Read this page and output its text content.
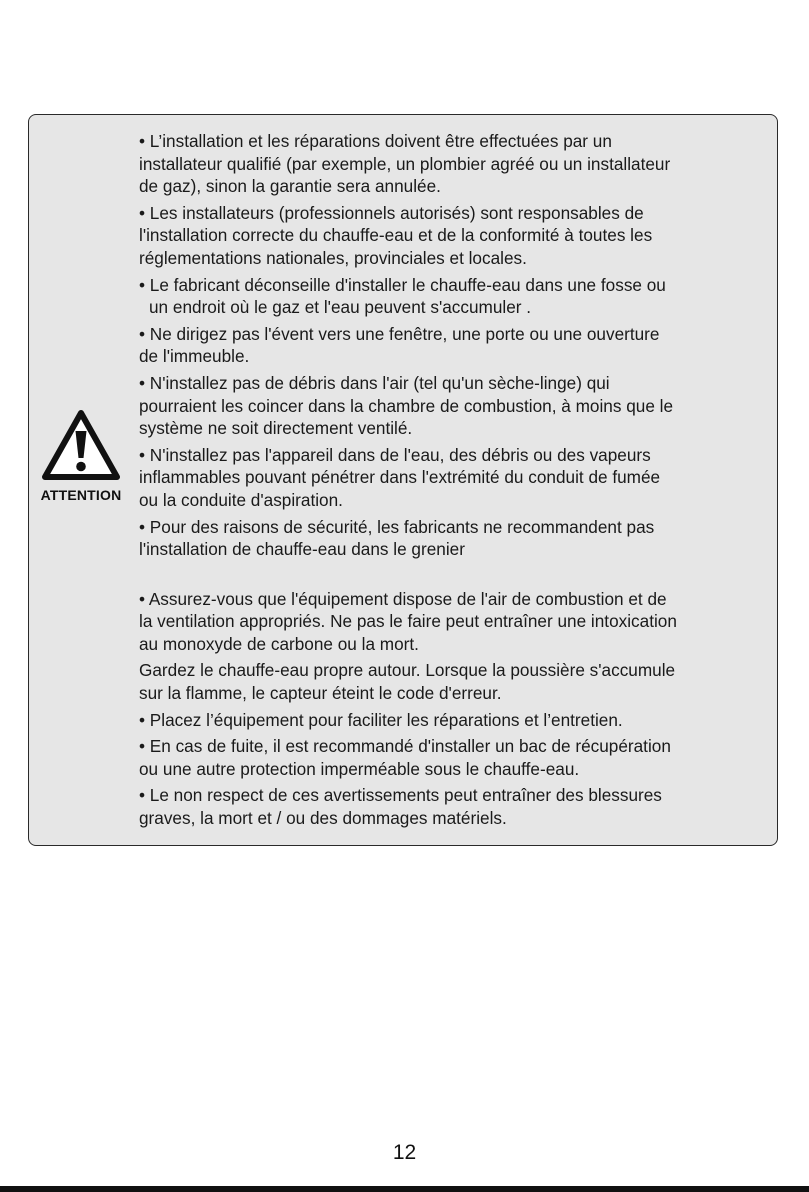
ATTENTION

• L’installation et les réparations doivent être effectuées par un
installateur qualifié (par exemple, un plombier agréé ou un installateur
de gaz), sinon la garantie sera annulée.

• Les installateurs (professionnels autorisés) sont responsables de
l'installation correcte du chauffe-eau et de la conformité à toutes les
réglementations nationales, provinciales et locales.

• Le fabricant déconseille d'installer le chauffe-eau dans une fosse ou
un endroit où le gaz et l'eau peuvent s'accumuler .

• Ne dirigez pas l'évent vers une fenêtre, une porte ou une ouverture
de l'immeuble.

• N'installez pas de débris dans l'air (tel qu'un sèche-linge) qui
pourraient les coincer dans la chambre de combustion, à moins que le
système ne soit directement ventilé.

• N'installez pas l'appareil dans de l'eau, des débris ou des vapeurs
inflammables pouvant pénétrer dans l'extrémité du conduit de fumée
ou la conduite d'aspiration.

• Pour des raisons de sécurité, les fabricants ne recommandent pas
l'installation de chauffe-eau dans le grenier

• Assurez-vous que l'équipement dispose de l'air de combustion et de
la ventilation appropriés. Ne pas le faire peut entraîner une intoxication
au monoxyde de carbone ou la mort.

Gardez le chauffe-eau propre autour. Lorsque la poussière s'accumule
sur la flamme, le capteur éteint le code d'erreur.

• Placez l’équipement pour faciliter les réparations et l’entretien.

• En cas de fuite, il est recommandé d'installer un bac de récupération
ou une autre protection imperméable sous le chauffe-eau.

• Le non respect de ces avertissements peut entraîner des blessures
graves, la mort et / ou des dommages matériels.

12
